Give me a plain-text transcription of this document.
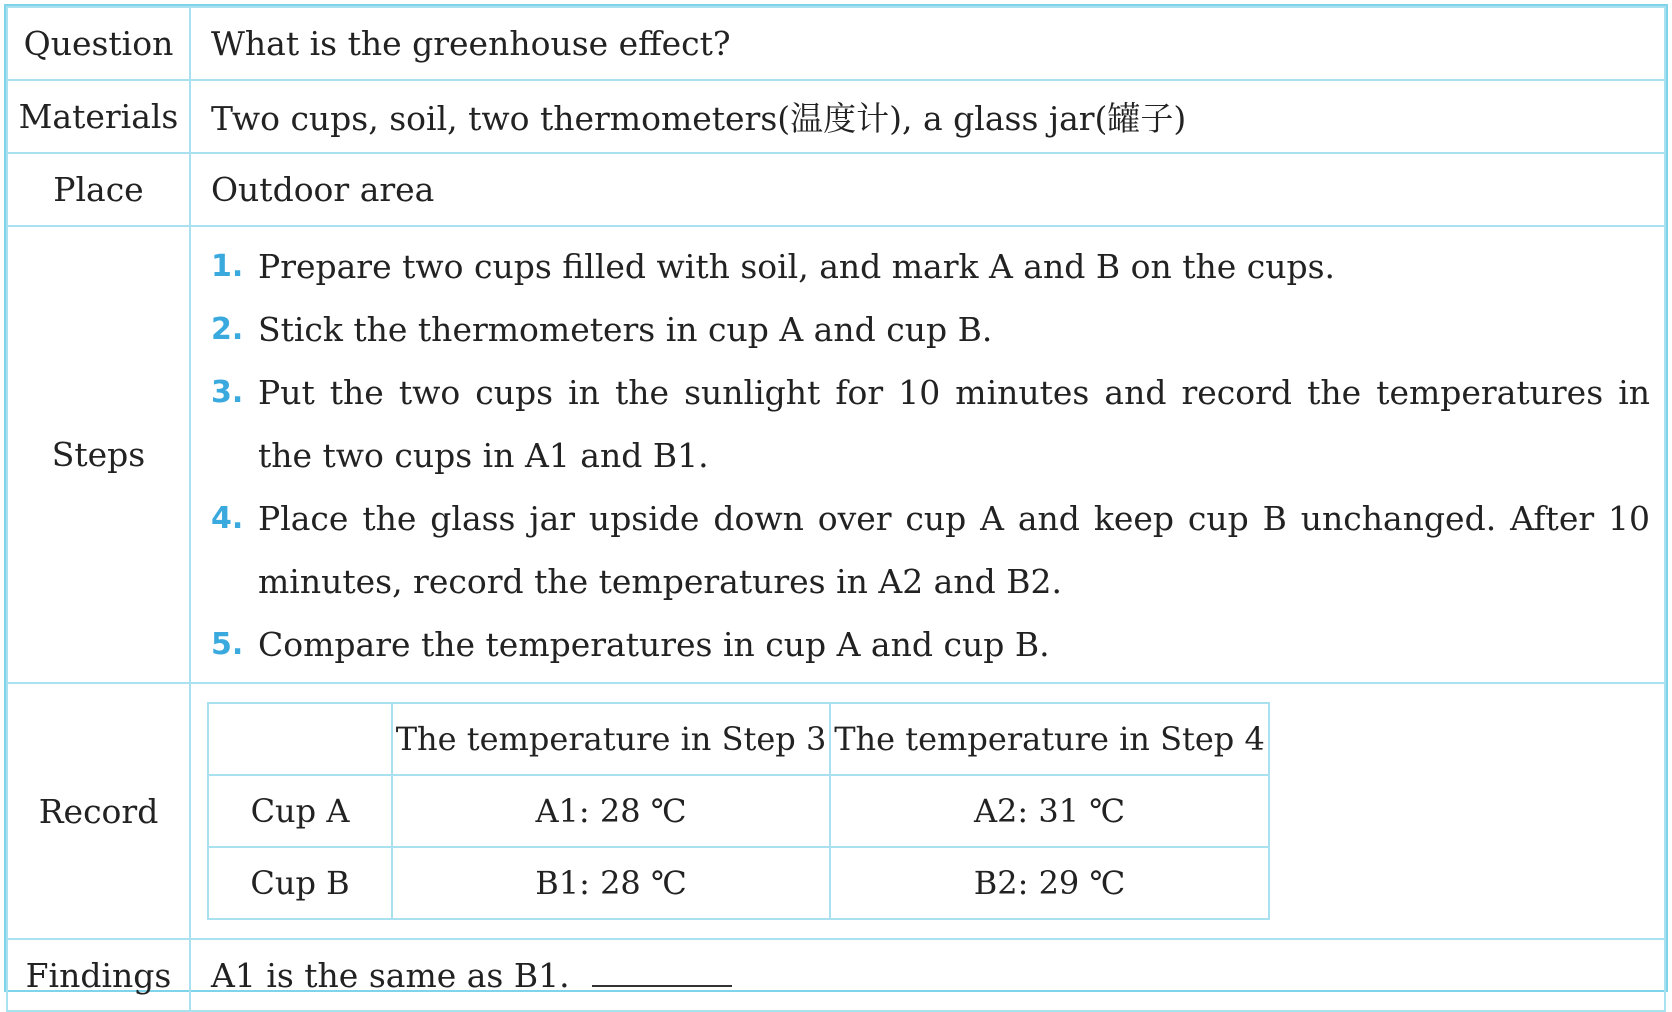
Question	What is the greenhouse effect?
Materials	Two cups, soil, two thermometers(温度计), a glass jar(罐子)
Place	Outdoor area
Steps	
1. Prepare two cups filled with soil, and mark A and B on the cups.
2. Stick the thermometers in cup A and cup B.
3. Put the two cups in the sunlight for 10 minutes and record the temperatures in the two cups in A1 and B1.
4. Place the glass jar upside down over cup A and keep cup B unchanged. After 10 minutes, record the temperatures in A2 and B2.
5. Compare the temperatures in cup A and cup B.

Record	
	The temperature in Step 3	The temperature in Step 4
Cup A	A1: 28 ℃	A2: 31 ℃
Cup B	B1: 28 ℃	B2: 29 ℃

Findings	A1 is the same as B1.
